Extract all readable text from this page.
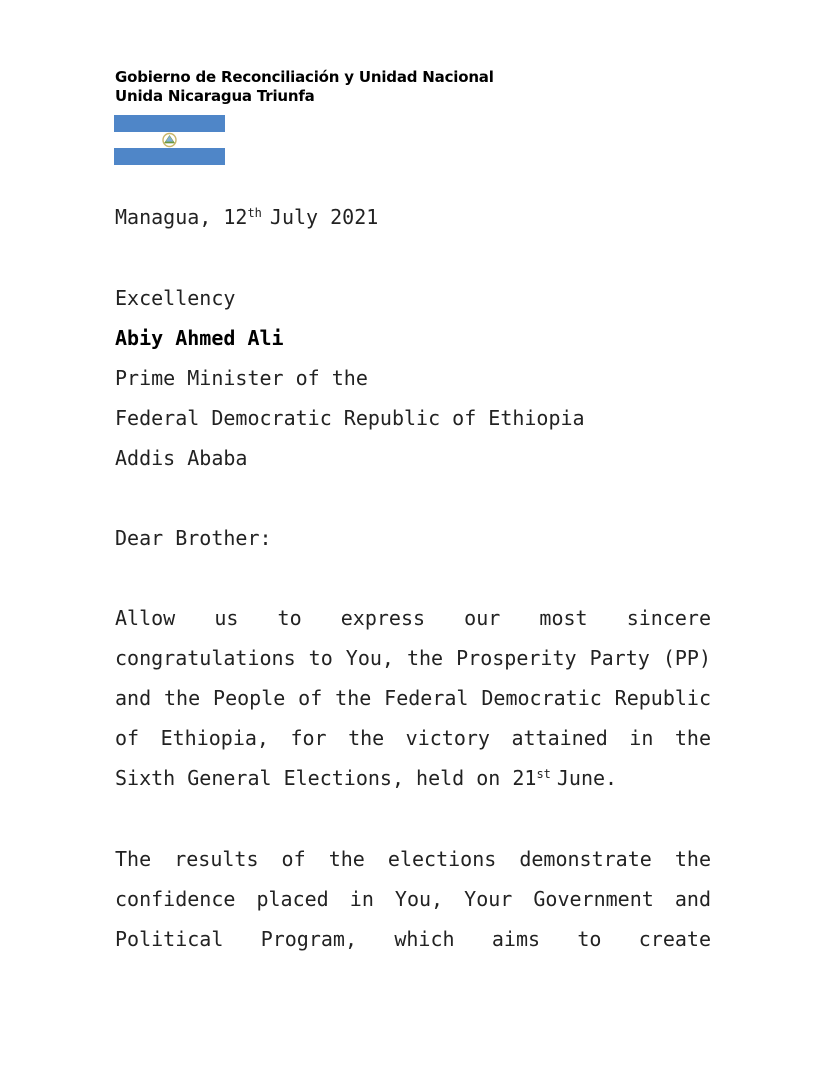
Gobierno de Reconciliación y Unidad Nacional
Unida Nicaragua Triunfa
Managua, 12th July 2021
Excellency
Abiy Ahmed Ali
Prime Minister of the
Federal Democratic Republic of Ethiopia
Addis Ababa
Dear Brother:
Allow us to express our most sincere congratulations to You, the Prosperity Party (PP) and the People of the Federal Democratic Republic of Ethiopia, for the victory attained in the Sixth General Elections, held on 21st June.
The results of the elections demonstrate the confidence placed in You, Your Government and Political Program, which aims to create
